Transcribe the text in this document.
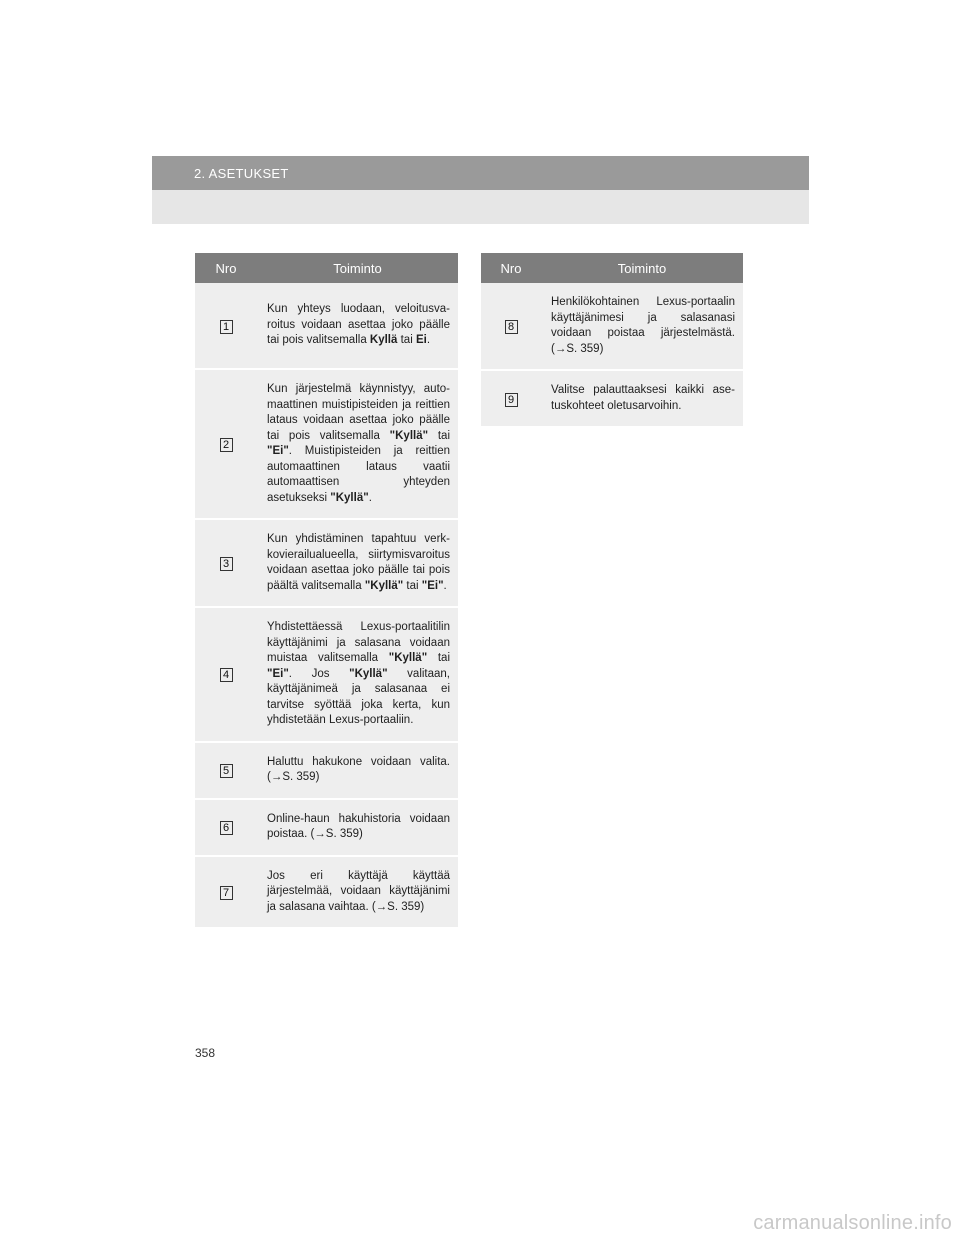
2. ASETUKSET
Nro	Toiminto
1	Kun yhteys luodaan, veloitusvaroitus voidaan asettaa joko päälle tai pois valitsemalla Kyllä tai Ei.
2	Kun järjestelmä käynnistyy, automaattinen muistipisteiden ja reittien lataus voidaan asettaa joko päälle tai pois valitsemalla "Kyllä" tai "Ei". Muistipisteiden ja reittien automaattinen lataus vaatii automaattisen yhteyden asetukseksi "Kyllä".
3	Kun yhdistäminen tapahtuu verkkovierailualueella, siirtymisvaroitus voidaan asettaa joko päälle tai pois päältä valitsemalla "Kyllä" tai "Ei".
4	Yhdistettäessä Lexus-portaalitilin käyttäjänimi ja salasana voidaan muistaa valitsemalla "Kyllä" tai "Ei". Jos "Kyllä" valitaan, käyttäjänimeä ja salasanaa ei tarvitse syöttää joka kerta, kun yhdistetään Lexus-portaaliin.
5	Haluttu hakukone voidaan valita. (→S. 359)
6	Online-haun hakuhistoria voidaan poistaa. (→S. 359)
7	Jos eri käyttäjä käyttää järjestelmää, voidaan käyttäjänimi ja salasana vaihtaa. (→S. 359)
Nro	Toiminto
8	Henkilökohtainen Lexus-portaalin käyttäjänimesi ja salasanasi voidaan poistaa järjestelmästä. (→S. 359)
9	Valitse palauttaaksesi kaikki asetuskohteet oletusarvoihin.
358
carmanualsonline.info
